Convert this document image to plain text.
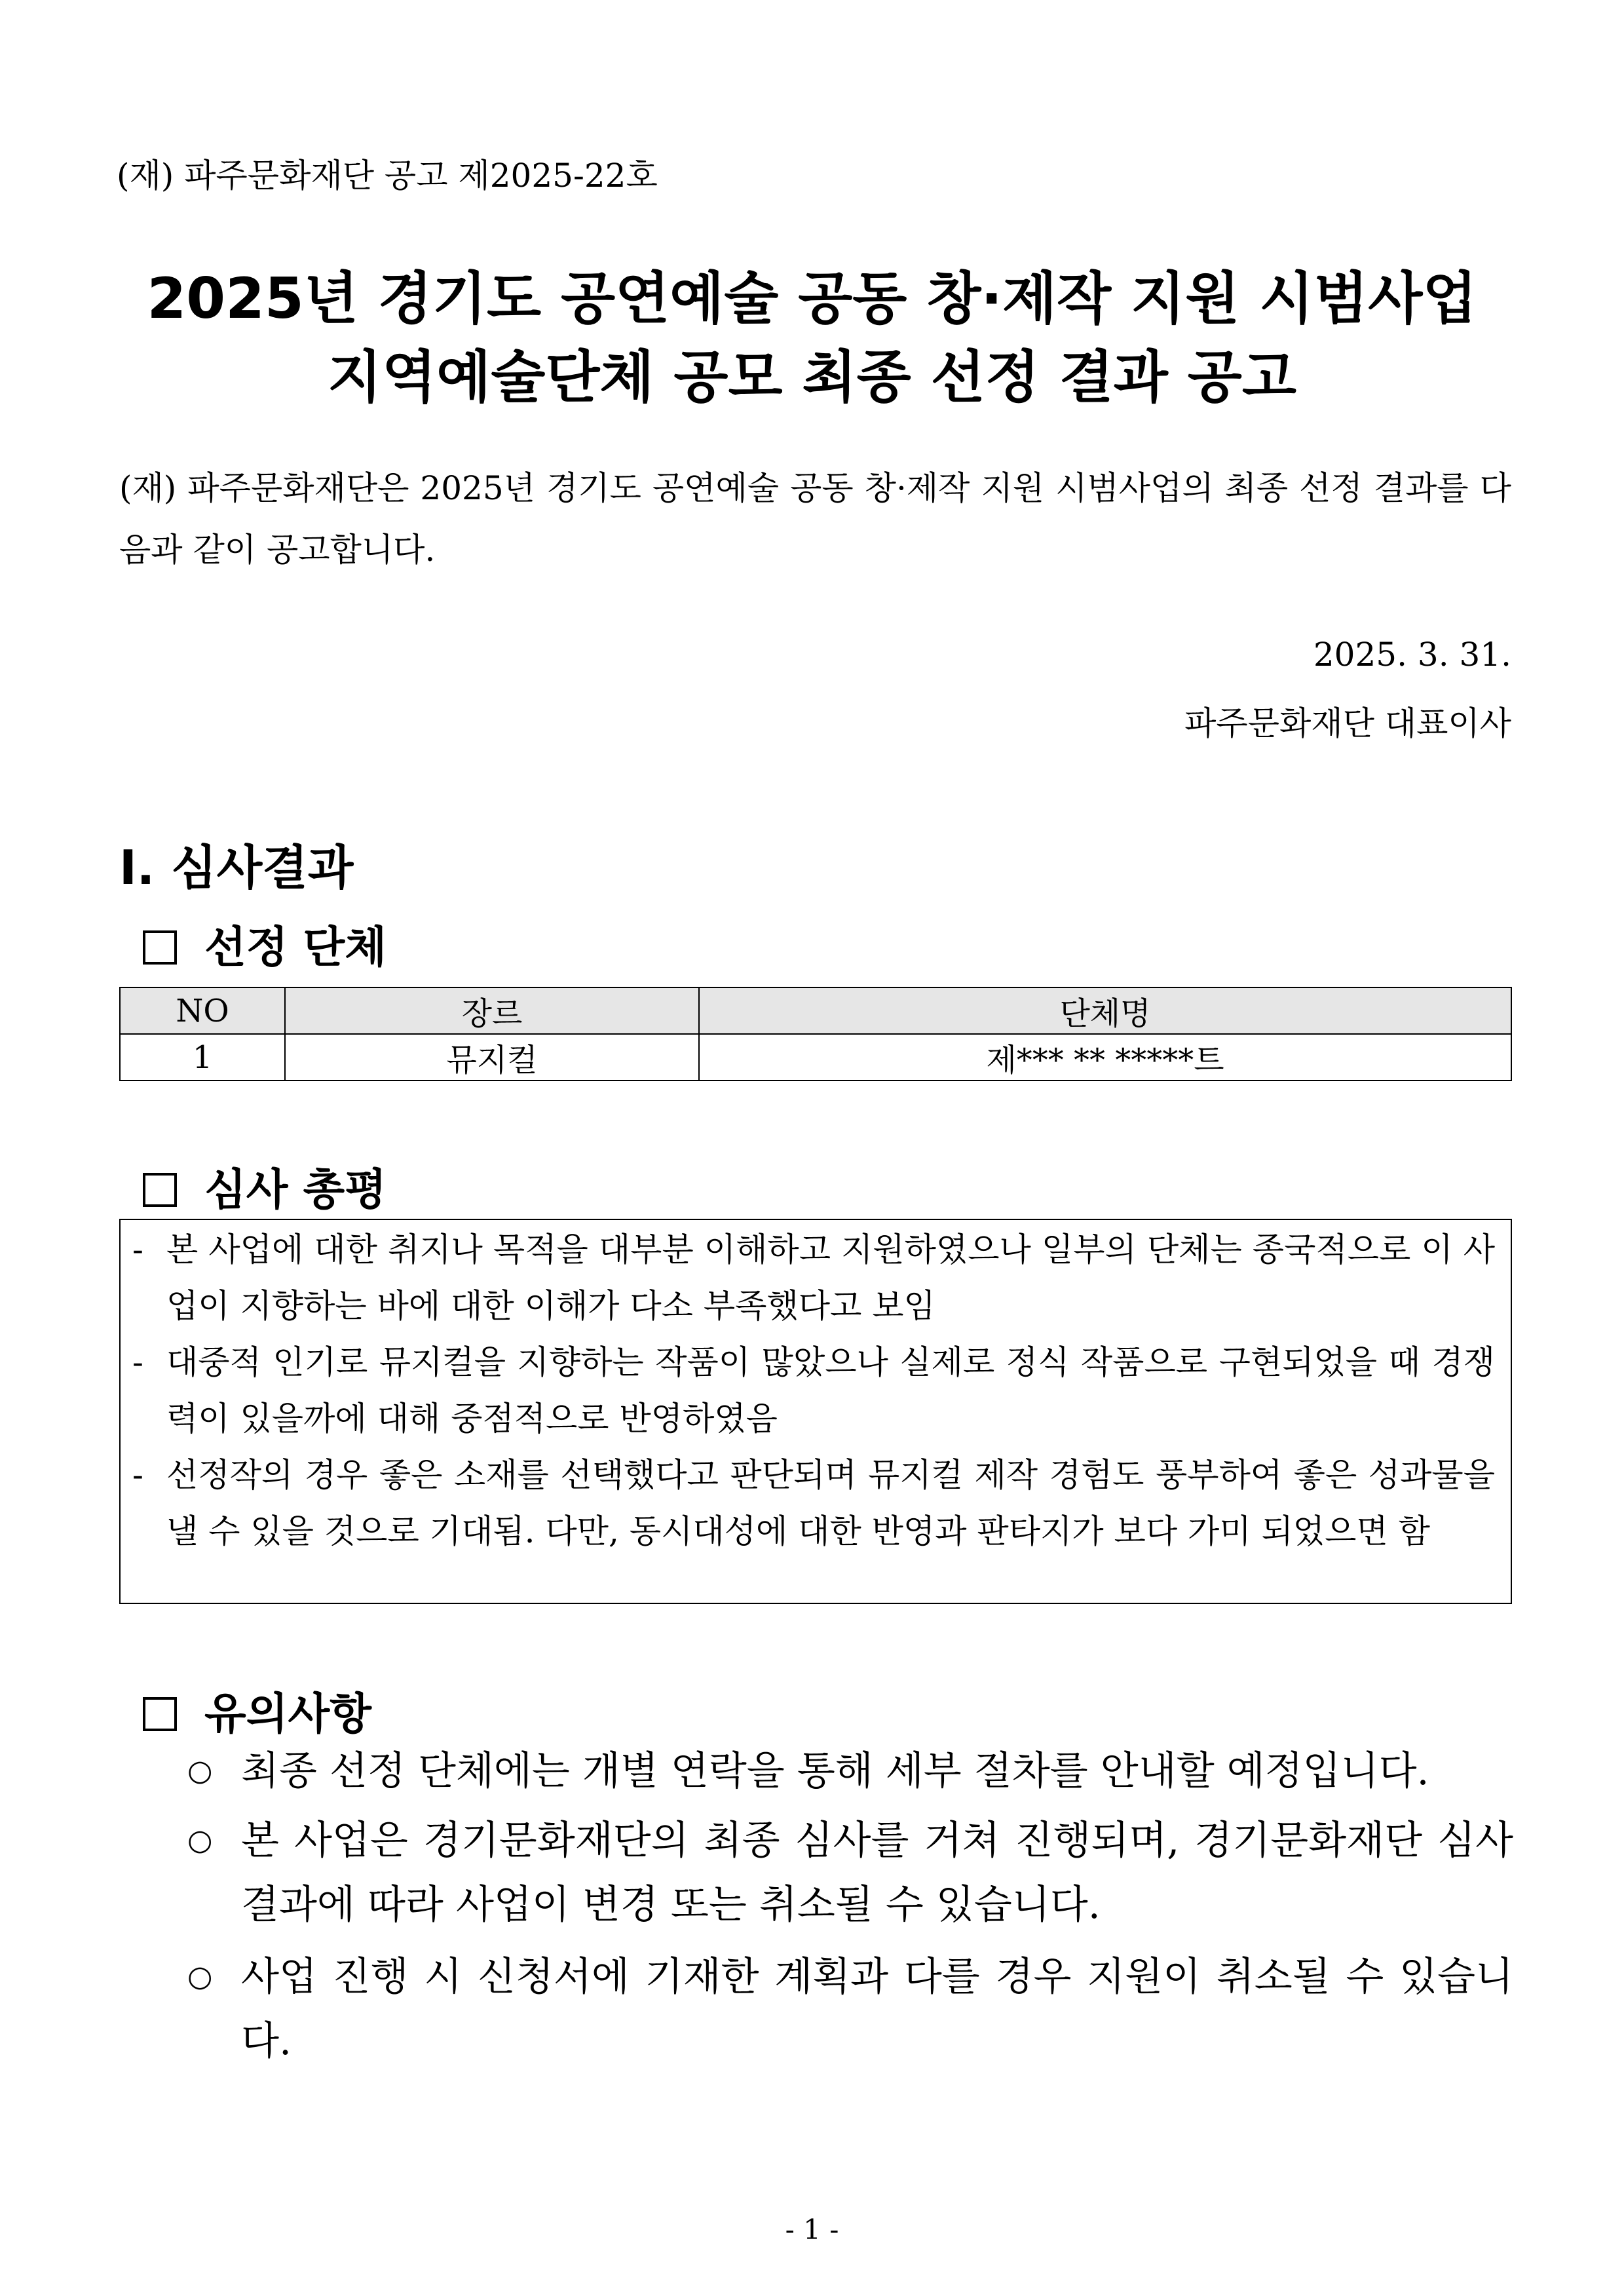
(재) 파주문화재단 공고 제2025-22호
2025년 경기도 공연예술 공동 창·제작 지원 시범사업
지역예술단체 공모 최종 선정 결과 공고
(재) 파주문화재단은 2025년 경기도 공연예술 공동 창·제작 지원 시범사업의 최종 선정 결과를 다음과 같이 공고합니다.
2025. 3. 31.
파주문화재단 대표이사
Ⅰ. 심사결과
선정 단체
NO	장르	단체명
1	뮤지컬	제*** ** *****트
심사 총평
- 본 사업에 대한 취지나 목적을 대부분 이해하고 지원하였으나 일부의 단체는 종국적으로 이 사업이 지향하는 바에 대한 이해가 다소 부족했다고 보임
- 대중적 인기로 뮤지컬을 지향하는 작품이 많았으나 실제로 정식 작품으로 구현되었을 때 경쟁력이 있을까에 대해 중점적으로 반영하였음
- 선정작의 경우 좋은 소재를 선택했다고 판단되며 뮤지컬 제작 경험도 풍부하여 좋은 성과물을 낼 수 있을 것으로 기대됨. 다만, 동시대성에 대한 반영과 판타지가 보다 가미 되었으면 함
유의사항
○ 최종 선정 단체에는 개별 연락을 통해 세부 절차를 안내할 예정입니다.
○ 본 사업은 경기문화재단의 최종 심사를 거쳐 진행되며, 경기문화재단 심사 결과에 따라 사업이 변경 또는 취소될 수 있습니다.
○ 사업 진행 시 신청서에 기재한 계획과 다를 경우 지원이 취소될 수 있습니다.
- 1 -
